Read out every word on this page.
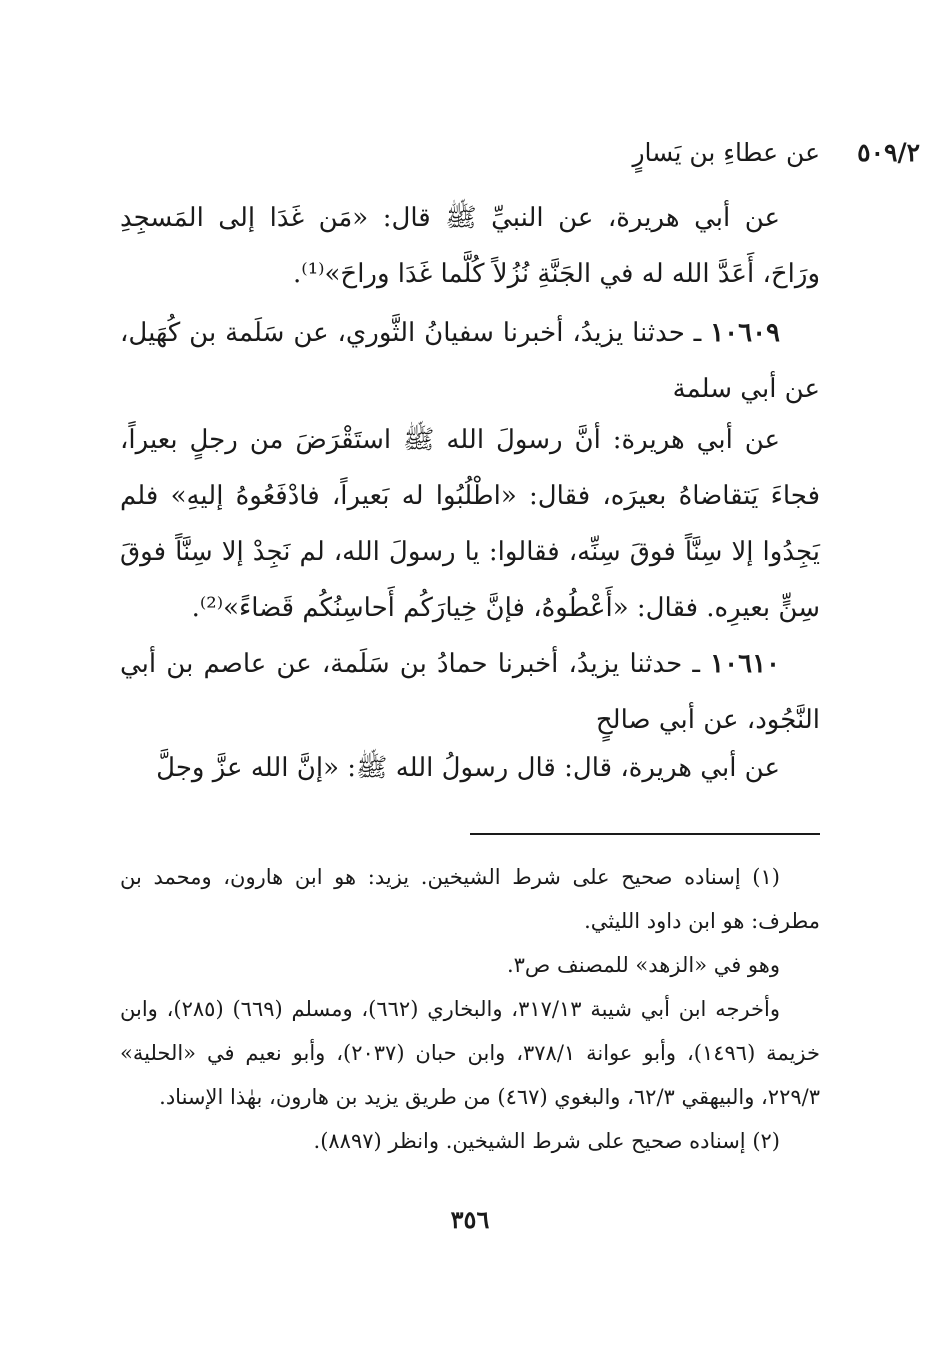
٥٠٩/٢
عن عطاءِ بن يَسارٍ

عن أبي هريرة، عن النبيِّ ﷺ قال: «مَن غَدَا إلى المَسجِدِ ورَاحَ، أَعَدَّ الله له في الجَنَّةِ نُزُلاً كُلَّما غَدَا وراحَ»⁽¹⁾.

١٠٦٠٩ ـ حدثنا يزيدُ، أخبرنا سفيانُ الثَّوري، عن سَلَمة بن كُهَيل، عن أبي سلمة

عن أبي هريرة: أنَّ رسولَ الله ﷺ استَقْرَضَ من رجلٍ بعيراً، فجاءَ يَتقاضاهُ بعيرَه، فقال: «اطْلُبُوا له بَعيراً، فادْفَعُوهُ إليهِ» فلم يَجِدُوا إلا سِنَّاً فوقَ سِنِّه، فقالوا: يا رسولَ الله، لم نَجِدْ إلا سِنَّاً فوقَ سِنٍّ بعيرِه. فقال: «أَعْطُوهُ، فإنَّ خِيارَكُم أَحاسِنُكُم قَضاءً»⁽²⁾.

١٠٦١٠ ـ حدثنا يزيدُ، أخبرنا حمادُ بن سَلَمة، عن عاصم بن أبي النَّجُود، عن أبي صالحٍ

عن أبي هريرة، قال: قال رسولُ الله ﷺ: «إنَّ الله عزَّ وجلَّ

(١) إسناده صحيح على شرط الشيخين. يزيد: هو ابن هارون، ومحمد بن مطرف: هو ابن داود الليثي.

وهو في «الزهد» للمصنف ص٣.

وأخرجه ابن أبي شيبة ٣١٧/١٣، والبخاري (٦٦٢)، ومسلم (٦٦٩) (٢٨٥)، وابن خزيمة (١٤٩٦)، وأبو عوانة ٣٧٨/١، وابن حبان (٢٠٣٧)، وأبو نعيم في «الحلية» ٢٢٩/٣، والبيهقي ٦٢/٣، والبغوي (٤٦٧) من طريق يزيد بن هارون، بهٰذا الإسناد.

(٢) إسناده صحيح على شرط الشيخين. وانظر (٨٨٩٧).

٣٥٦
